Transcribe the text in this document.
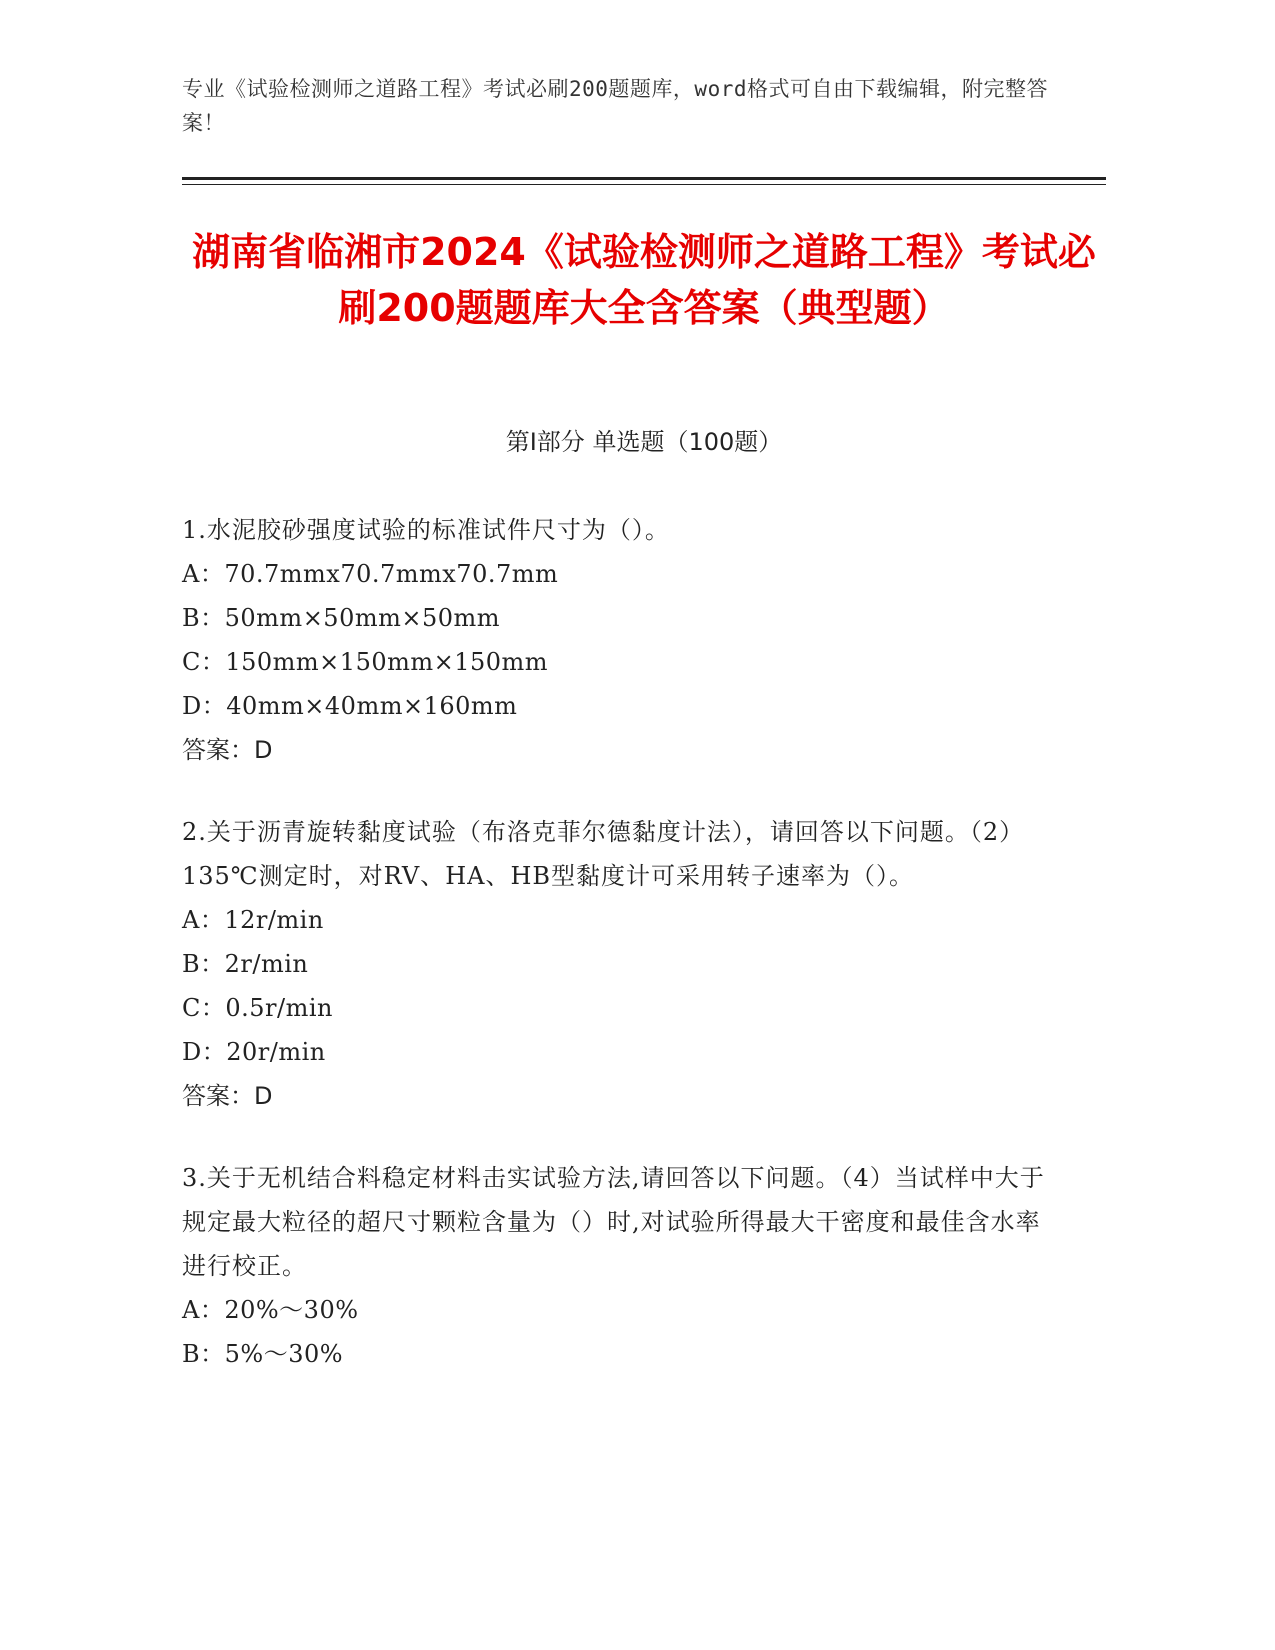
专业《试验检测师之道路工程》考试必刷200题题库，word格式可自由下载编辑，附完整答案！
湖南省临湘市2024《试验检测师之道路工程》考试必刷200题题库大全含答案（典型题）
第I部分 单选题（100题）
1.水泥胶砂强度试验的标准试件尺寸为（）。
A：70.7mmx70.7mmx70.7mm
B：50mm×50mm×50mm
C：150mm×150mm×150mm
D：40mm×40mm×160mm
答案：D
2.关于沥青旋转黏度试验（布洛克菲尔德黏度计法），请回答以下问题。（2）135℃测定时，对RV、HA、HB型黏度计可采用转子速率为（）。
A：12r/min
B：2r/min
C：0.5r/min
D：20r/min
答案：D
3.关于无机结合料稳定材料击实试验方法,请回答以下问题。（4）当试样中大于规定最大粒径的超尺寸颗粒含量为（）时,对试验所得最大干密度和最佳含水率进行校正。
A：20%～30%
B：5%～30%
